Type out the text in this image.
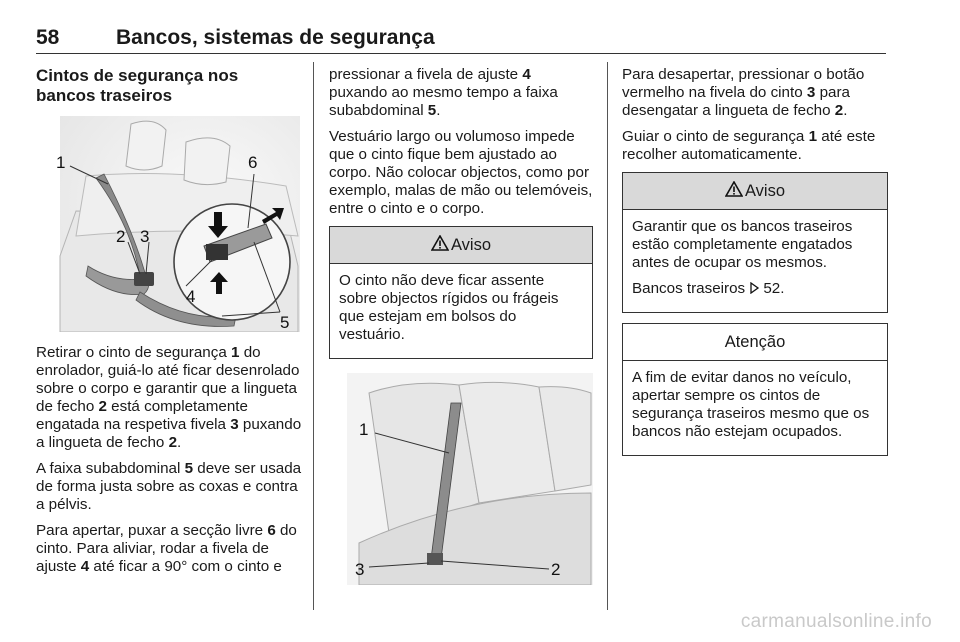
58	Bancos, sistemas de segurança
Cintos de segurança nos bancos traseiros
1
2 3
4
5
6

Retirar o cinto de segurança 1 do enrolador, guiá-lo até ficar desenrolado sobre o corpo e garantir que a lingueta de fecho 2 está completamente engatada na respetiva fivela 3 puxando a lingueta de fecho 2.

A faixa subabdominal 5 deve ser usada de forma justa sobre as coxas e contra a pélvis.

Para apertar, puxar a secção livre 6 do cinto. Para aliviar, rodar a fivela de ajuste 4 até ficar a 90° com o cinto e

pressionar a fivela de ajuste 4 puxando ao mesmo tempo a faixa subabdominal 5.

Vestuário largo ou volumoso impede que o cinto fique bem ajustado ao corpo. Não colocar objectos, como por exemplo, malas de mão ou telemóveis, entre o cinto e o corpo.

Aviso

O cinto não deve ficar assente sobre objectos rígidos ou frágeis que estejam em bolsos do vestuário.

1
2
3

Para desapertar, pressionar o botão vermelho na fivela do cinto 3 para desengatar a lingueta de fecho 2.

Guiar o cinto de segurança 1 até este recolher automaticamente.

Aviso

Garantir que os bancos traseiros estão completamente engatados antes de ocupar os mesmos.

Bancos traseiros 52.

Atenção

A fim de evitar danos no veículo, apertar sempre os cintos de segurança traseiros mesmo que os bancos não estejam ocupados.

carmanualsonline.info
